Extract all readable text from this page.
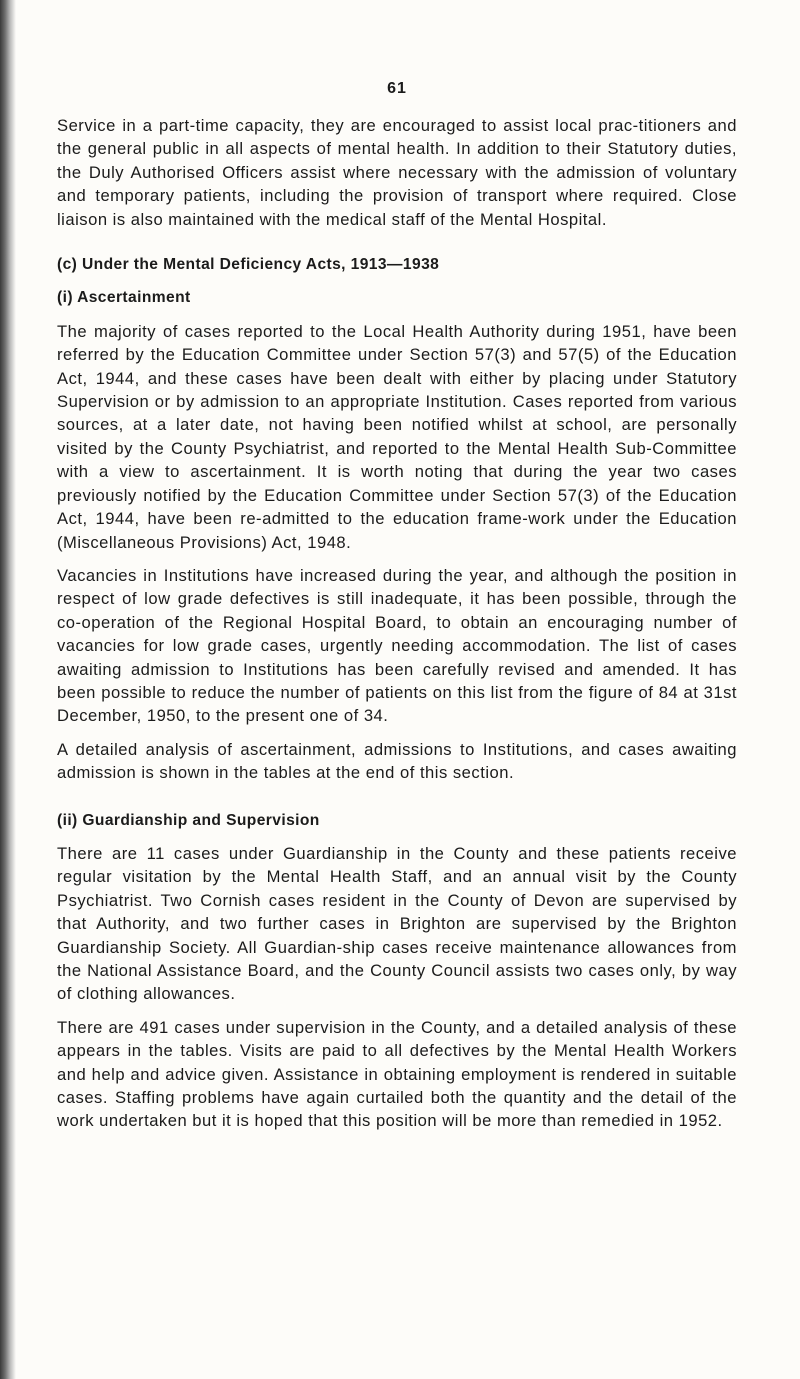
61

Service in a part-time capacity, they are encouraged to assist local prac-titioners and the general public in all aspects of mental health. In addition to their Statutory duties, the Duly Authorised Officers assist where necessary with the admission of voluntary and temporary patients, including the provision of transport where required. Close liaison is also maintained with the medical staff of the Mental Hospital.

(c) Under the Mental Deficiency Acts, 1913—1938
(i) Ascertainment

The majority of cases reported to the Local Health Authority during 1951, have been referred by the Education Committee under Section 57(3) and 57(5) of the Education Act, 1944, and these cases have been dealt with either by placing under Statutory Supervision or by admission to an appropriate Institution. Cases reported from various sources, at a later date, not having been notified whilst at school, are personally visited by the County Psychiatrist, and reported to the Mental Health Sub-Committee with a view to ascertainment. It is worth noting that during the year two cases previously notified by the Education Committee under Section 57(3) of the Education Act, 1944, have been re-admitted to the education frame-work under the Education (Miscellaneous Provisions) Act, 1948.

Vacancies in Institutions have increased during the year, and although the position in respect of low grade defectives is still inadequate, it has been possible, through the co-operation of the Regional Hospital Board, to obtain an encouraging number of vacancies for low grade cases, urgently needing accommodation. The list of cases awaiting admission to Institutions has been carefully revised and amended. It has been possible to reduce the number of patients on this list from the figure of 84 at 31st December, 1950, to the present one of 34.

A detailed analysis of ascertainment, admissions to Institutions, and cases awaiting admission is shown in the tables at the end of this section.

(ii) Guardianship and Supervision

There are 11 cases under Guardianship in the County and these patients receive regular visitation by the Mental Health Staff, and an annual visit by the County Psychiatrist. Two Cornish cases resident in the County of Devon are supervised by that Authority, and two further cases in Brighton are supervised by the Brighton Guardianship Society. All Guardian-ship cases receive maintenance allowances from the National Assistance Board, and the County Council assists two cases only, by way of clothing allowances.

There are 491 cases under supervision in the County, and a detailed analysis of these appears in the tables. Visits are paid to all defectives by the Mental Health Workers and help and advice given. Assistance in obtaining employment is rendered in suitable cases. Staffing problems have again curtailed both the quantity and the detail of the work undertaken but it is hoped that this position will be more than remedied in 1952.
